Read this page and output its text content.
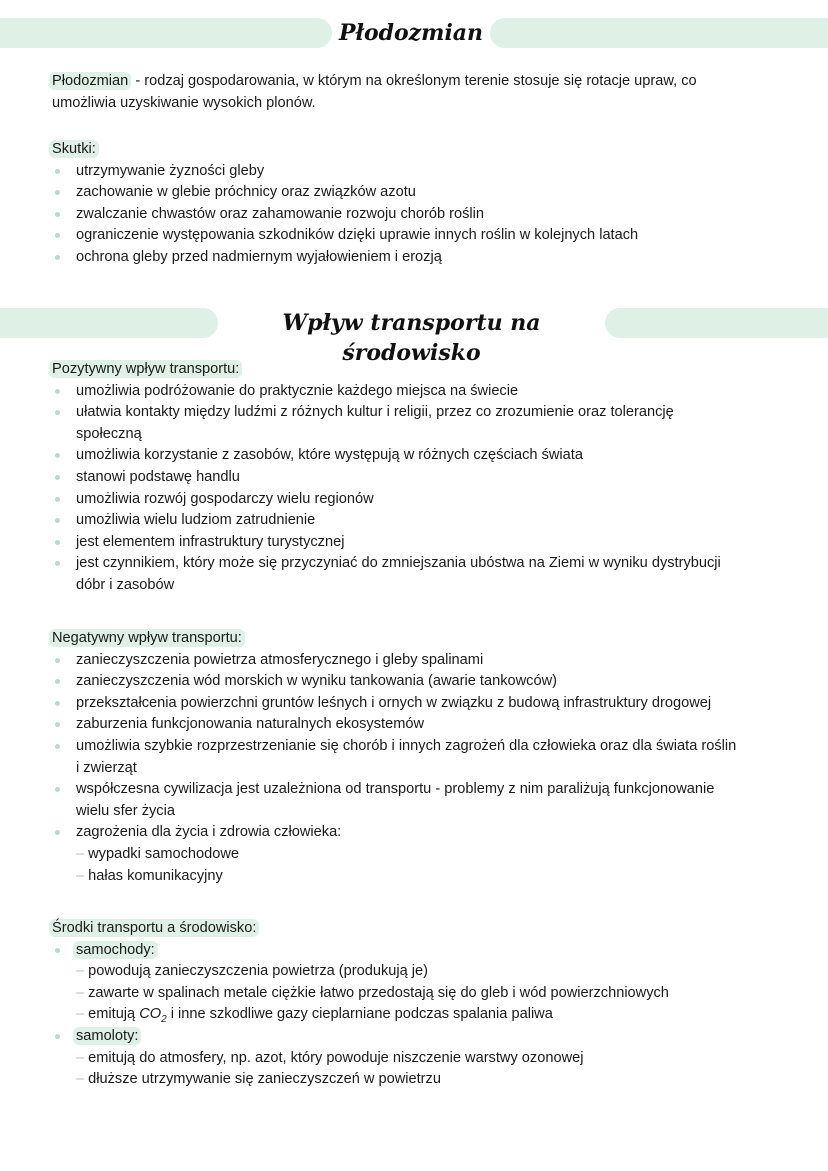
Płodozmian
Płodozmian - rodzaj gospodarowania, w którym na określonym terenie stosuje się rotacje upraw, co
umożliwia uzyskiwanie wysokich plonów.
Skutki:
utrzymywanie żyzności gleby
zachowanie w glebie próchnicy oraz związków azotu
zwalczanie chwastów oraz zahamowanie rozwoju chorób roślin
ograniczenie występowania szkodników dzięki uprawie innych roślin w kolejnych latach
ochrona gleby przed nadmiernym wyjałowieniem i erozją
Wpływ transportu na środowisko
Pozytywny wpływ transportu:
umożliwia podróżowanie do praktycznie każdego miejsca na świecie
ułatwia kontakty między ludźmi z różnych kultur i religii, przez co zrozumienie oraz tolerancję
społeczną
umożliwia korzystanie z zasobów, które występują w różnych częściach świata
stanowi podstawę handlu
umożliwia rozwój gospodarczy wielu regionów
umożliwia wielu ludziom zatrudnienie
jest elementem infrastruktury turystycznej
jest czynnikiem, który może się przyczyniać do zmniejszania ubóstwa na Ziemi w wyniku dystrybucji
dóbr i zasobów
Negatywny wpływ transportu:
zanieczyszczenia powietrza atmosferycznego i gleby spalinami
zanieczyszczenia wód morskich w wyniku tankowania (awarie tankowców)
przekształcenia powierzchni gruntów leśnych i ornych w związku z budową infrastruktury drogowej
zaburzenia funkcjonowania naturalnych ekosystemów
umożliwia szybkie rozprzestrzenianie się chorób i innych zagrożeń dla człowieka oraz dla świata roślin
i zwierząt
współczesna cywilizacja jest uzależniona od transportu - problemy z nim paraliżują funkcjonowanie
wielu sfer życia
zagrożenia dla życia i zdrowia człowieka:
– wypadki samochodowe
– hałas komunikacyjny
Środki transportu a środowisko:
samochody:
– powodują zanieczyszczenia powietrza (produkują je)
– zawarte w spalinach metale ciężkie łatwo przedostają się do gleb i wód powierzchniowych
– emitują $CO_2$ i inne szkodliwe gazy cieplarniane podczas spalania paliwa
samoloty:
– emitują do atmosfery, np. azot, który powoduje niszczenie warstwy ozonowej
– dłuższe utrzymywanie się zanieczyszczeń w powietrzu
